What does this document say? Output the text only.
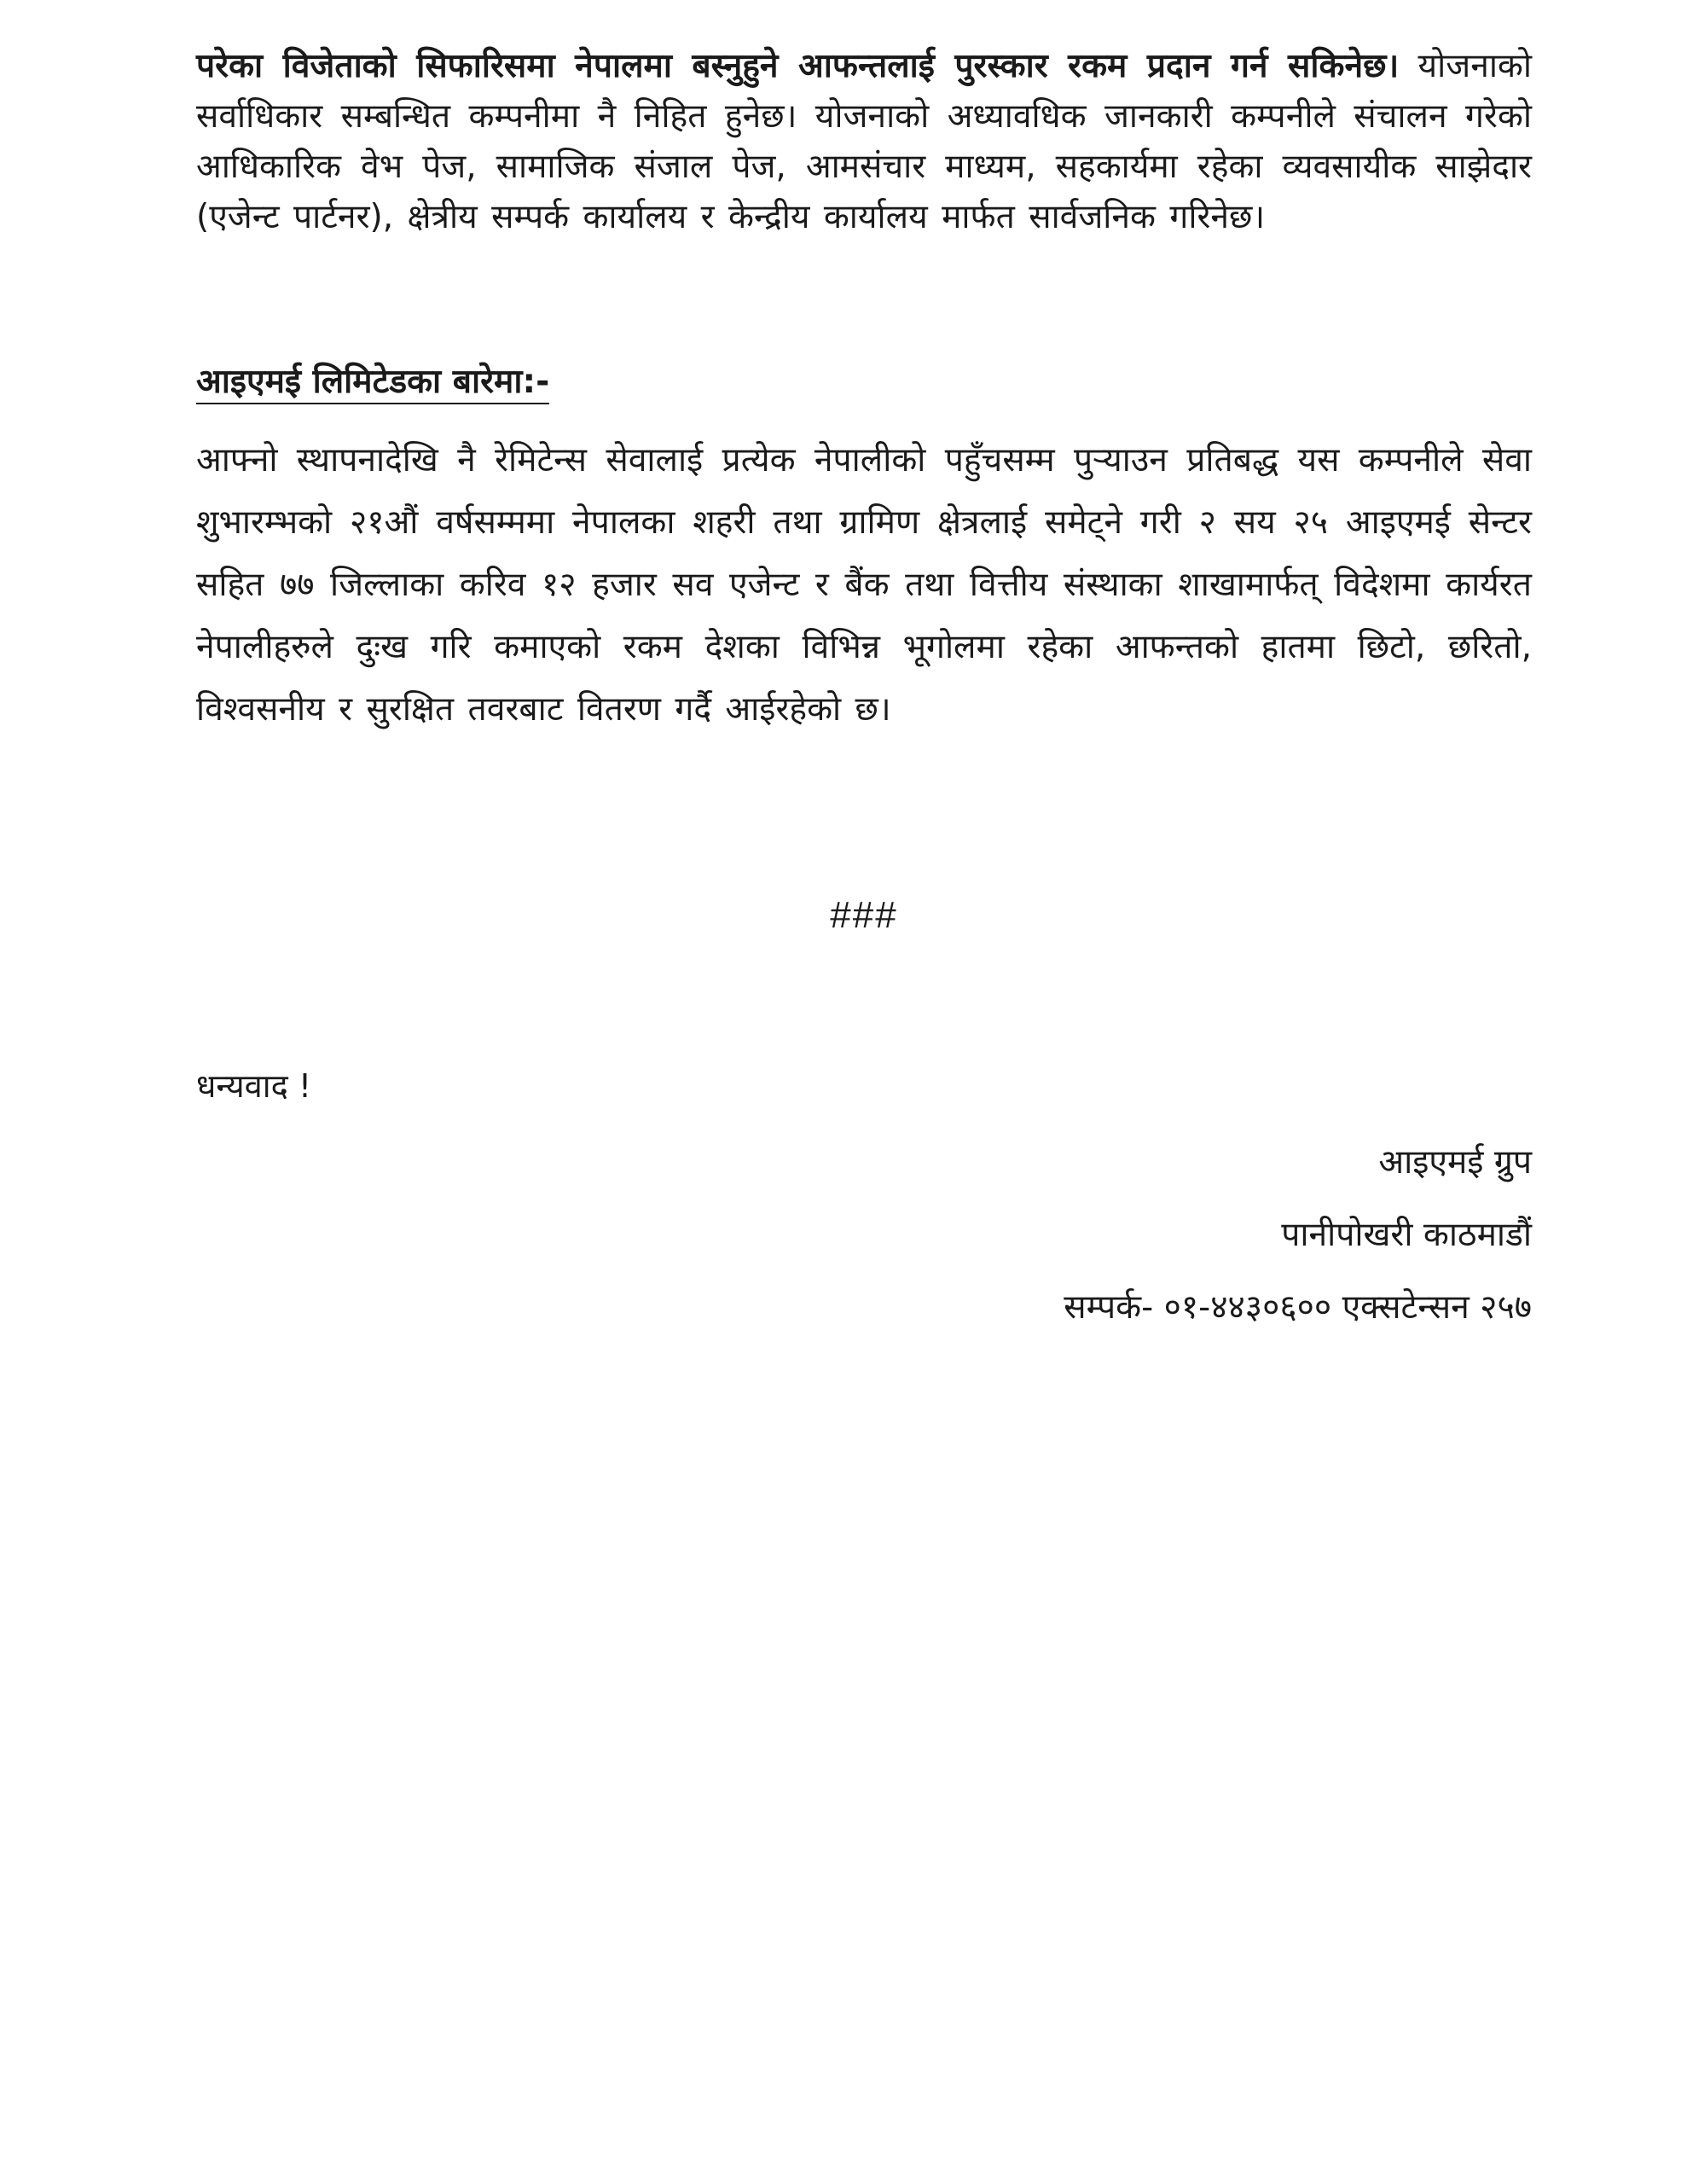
परेका विजेताको सिफारिसमा नेपालमा बस्नुहुने आफन्तलाई पुरस्कार रकम प्रदान गर्न सकिनेछ। योजनाको सर्वाधिकार सम्बन्धित कम्पनीमा नै निहित हुनेछ। योजनाको अध्यावधिक जानकारी कम्पनीले संचालन गरेको आधिकारिक वेभ पेज, सामाजिक संजाल पेज, आमसंचार माध्यम, सहकार्यमा रहेका व्यवसायीक साझेदार (एजेन्ट पार्टनर), क्षेत्रीय सम्पर्क कार्यालय र केन्द्रीय कार्यालय मार्फत सार्वजनिक गरिनेछ।

आइएमई लिमिटेडका बारेमा:-

आफ्नो स्थापनादेखि नै रेमिटेन्स सेवालाई प्रत्येक नेपालीको पहुँचसम्म पुऱ्याउन प्रतिबद्ध यस कम्पनीले सेवा शुभारम्भको २१औं वर्षसम्ममा नेपालका शहरी तथा ग्रामिण क्षेत्रलाई समेट्ने गरी २ सय २५ आइएमई सेन्टर सहित ७७ जिल्लाका करिव १२ हजार सव एजेन्ट र बैंक तथा वित्तीय संस्थाका शाखामार्फत् विदेशमा कार्यरत नेपालीहरुले दुःख गरि कमाएको रकम देशका विभिन्न भूगोलमा रहेका आफन्तको हातमा छिटो, छरितो, विश्वसनीय र सुरक्षित तवरबाट वितरण गर्दै आईरहेको छ।

###

धन्यवाद !

आइएमई ग्रुप

पानीपोखरी काठमाडौं

सम्पर्क- ०१-४४३०६०० एक्सटेन्सन २५७
